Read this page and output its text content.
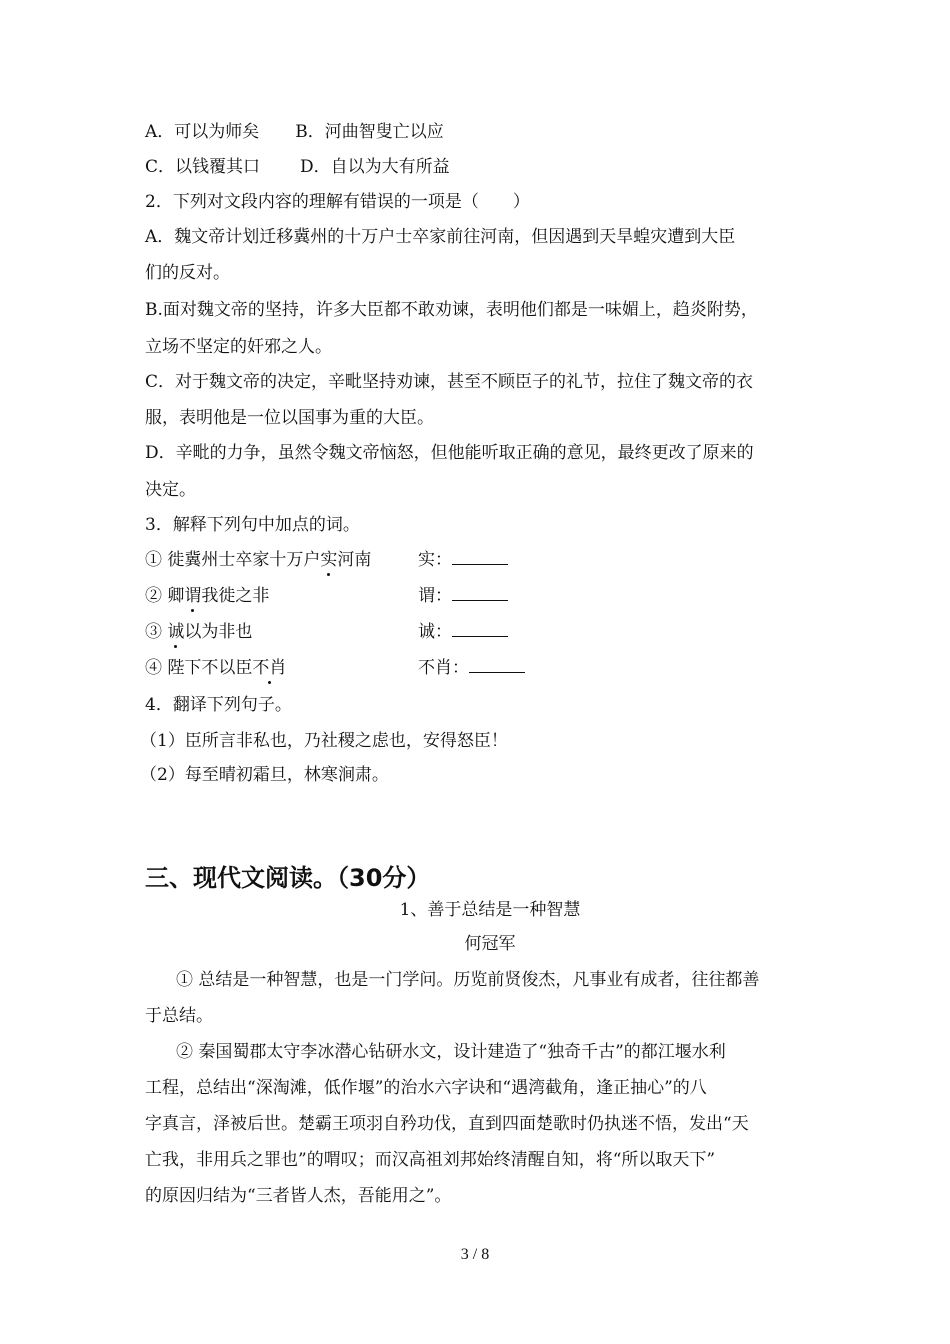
A．可以为师矣 B．河曲智叟亡以应
C．以钱覆其口 D．自以为大有所益
2．下列对文段内容的理解有错误的一项是（　　）
A．魏文帝计划迁移冀州的十万户士卒家前往河南，但因遇到天旱蝗灾遭到大臣
们的反对。
B.面对魏文帝的坚持，许多大臣都不敢劝谏，表明他们都是一味媚上，趋炎附势，
立场不坚定的奸邪之人。
C．对于魏文帝的决定，辛毗坚持劝谏，甚至不顾臣子的礼节，拉住了魏文帝的衣
服，表明他是一位以国事为重的大臣。
D．辛毗的力争，虽然令魏文帝恼怒，但他能听取正确的意见，最终更改了原来的
决定。
3．解释下列句中加点的词。
① 徙冀州士卒家十万户实河南	实：
② 卿谓我徙之非	谓：
③ 诚以为非也	诚：
④ 陛下不以臣不肖	不肖：
4．翻译下列句子。
（1）臣所言非私也，乃社稷之虑也，安得怒臣！
（2）每至晴初霜旦，林寒涧肃。
三、现代文阅读。（30分）
1、善于总结是一种智慧
何冠军
① 总结是一种智慧，也是一门学问。历览前贤俊杰，凡事业有成者，往往都善
于总结。
② 秦国蜀郡太守李冰潜心钻研水文，设计建造了“独奇千古”的都江堰水利
工程，总结出“深淘滩，低作堰”的治水六字诀和“遇湾截角，逢正抽心”的八
字真言，泽被后世。楚霸王项羽自矜功伐，直到四面楚歌时仍执迷不悟，发出“天
亡我，非用兵之罪也”的喟叹；而汉高祖刘邦始终清醒自知，将“所以取天下”
的原因归结为“三者皆人杰，吾能用之”。
3 / 8
